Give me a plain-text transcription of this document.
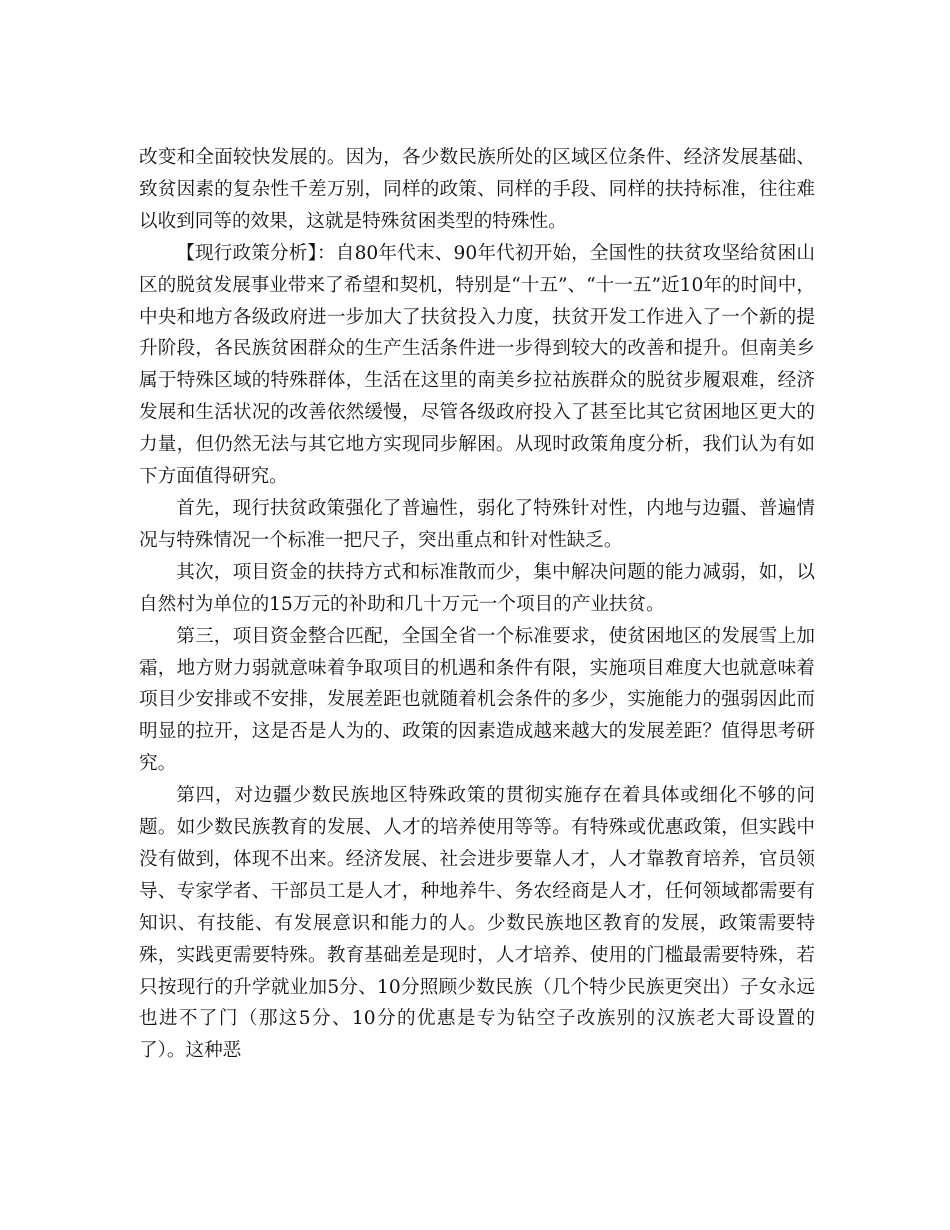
改变和全面较快发展的。因为，各少数民族所处的区域区位条件、经济发展基础、致贫因素的复杂性千差万别，同样的政策、同样的手段、同样的扶持标准，往往难以收到同等的效果，这就是特殊贫困类型的特殊性。

【现行政策分析】：自80年代末、90年代初开始，全国性的扶贫攻坚给贫困山区的脱贫发展事业带来了希望和契机，特别是“十五”、“十一五”近10年的时间中，中央和地方各级政府进一步加大了扶贫投入力度，扶贫开发工作进入了一个新的提升阶段，各民族贫困群众的生产生活条件进一步得到较大的改善和提升。但南美乡属于特殊区域的特殊群体，生活在这里的南美乡拉祜族群众的脱贫步履艰难，经济发展和生活状况的改善依然缓慢，尽管各级政府投入了甚至比其它贫困地区更大的力量，但仍然无法与其它地方实现同步解困。从现时政策角度分析，我们认为有如下方面值得研究。

首先，现行扶贫政策强化了普遍性，弱化了特殊针对性，内地与边疆、普遍情况与特殊情况一个标准一把尺子，突出重点和针对性缺乏。

其次，项目资金的扶持方式和标准散而少，集中解决问题的能力减弱，如，以自然村为单位的15万元的补助和几十万元一个项目的产业扶贫。

第三，项目资金整合匹配，全国全省一个标准要求，使贫困地区的发展雪上加霜，地方财力弱就意味着争取项目的机遇和条件有限，实施项目难度大也就意味着项目少安排或不安排，发展差距也就随着机会条件的多少，实施能力的强弱因此而明显的拉开，这是否是人为的、政策的因素造成越来越大的发展差距？值得思考研究。

第四，对边疆少数民族地区特殊政策的贯彻实施存在着具体或细化不够的问题。如少数民族教育的发展、人才的培养使用等等。有特殊或优惠政策，但实践中没有做到，体现不出来。经济发展、社会进步要靠人才，人才靠教育培养，官员领导、专家学者、干部员工是人才，种地养牛、务农经商是人才，任何领域都需要有知识、有技能、有发展意识和能力的人。少数民族地区教育的发展，政策需要特殊，实践更需要特殊。教育基础差是现时，人才培养、使用的门槛最需要特殊，若只按现行的升学就业加5分、10分照顾少数民族（几个特少民族更突出）子女永远也进不了门（那这5分、10分的优惠是专为钻空子改族别的汉族老大哥设置的了）。这种恶
